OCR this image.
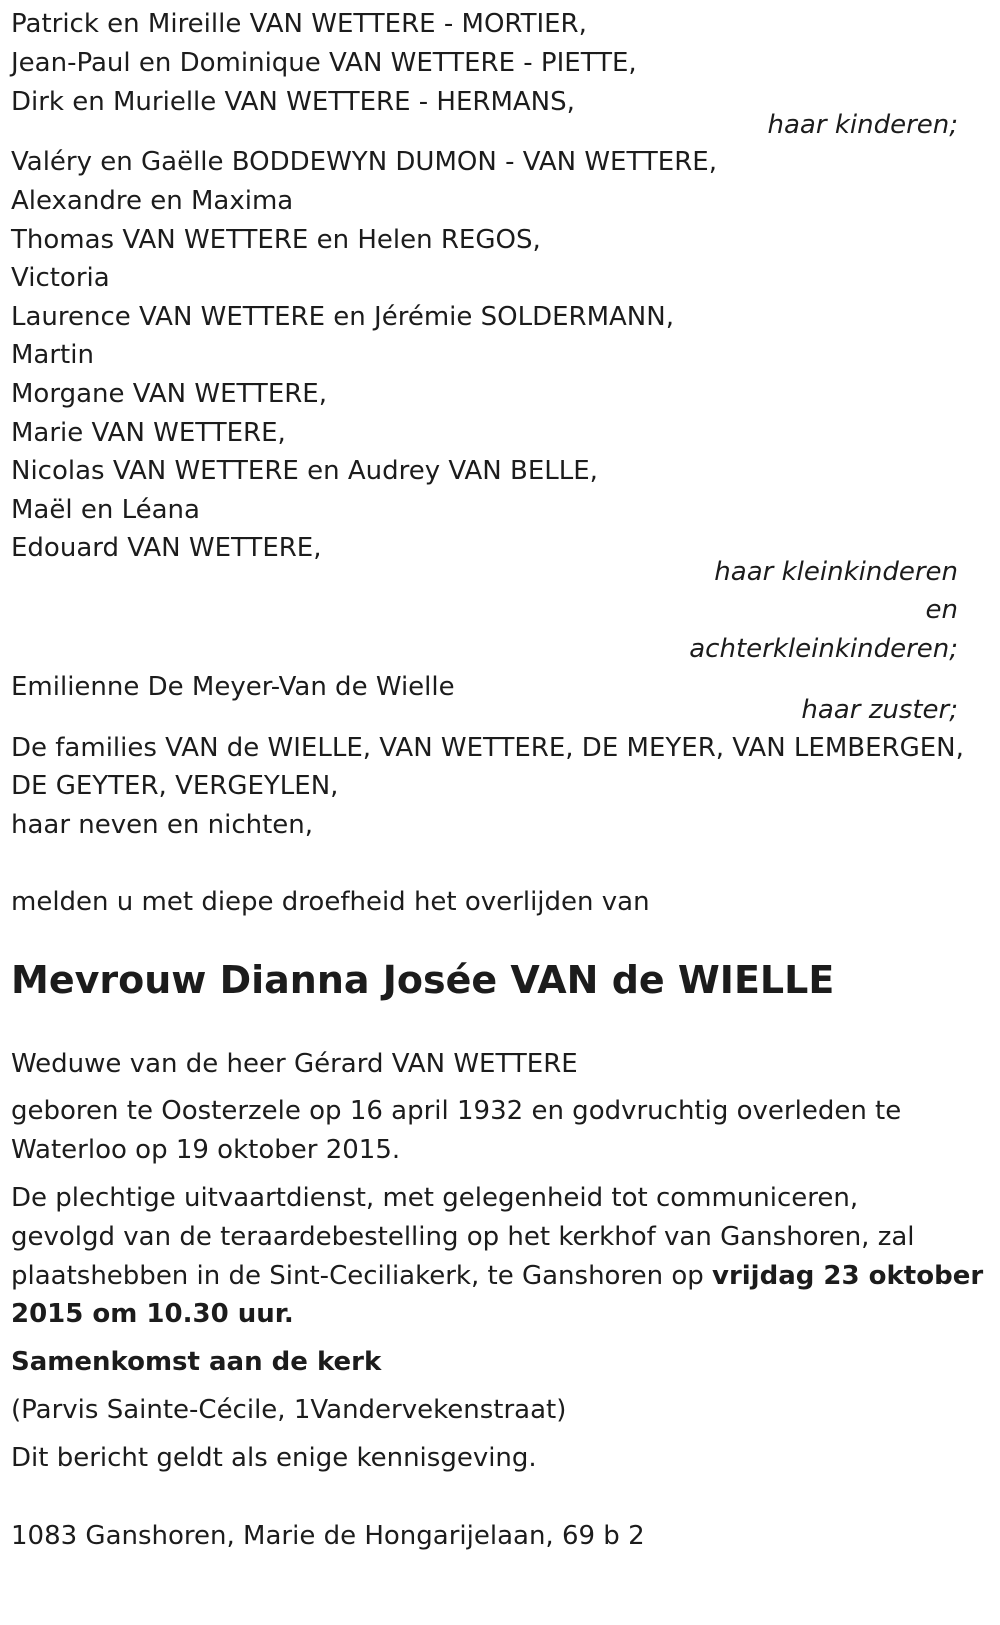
Patrick en Mireille VAN WETTERE - MORTIER,
Jean-Paul en Dominique VAN WETTERE - PIETTE,
Dirk en Murielle VAN WETTERE - HERMANS,
haar kinderen;
Valéry en Gaëlle BODDEWYN DUMON - VAN WETTERE,
Alexandre en Maxima
Thomas VAN WETTERE en Helen REGOS,
Victoria
Laurence VAN WETTERE en Jérémie SOLDERMANN,
Martin
Morgane VAN WETTERE,
Marie VAN WETTERE,
Nicolas VAN WETTERE en Audrey VAN BELLE,
Maël en Léana
Edouard VAN WETTERE,
haar kleinkinderen
en
achterkleinkinderen;
Emilienne De Meyer-Van de Wielle
haar zuster;
De families VAN de WIELLE, VAN WETTERE, DE MEYER, VAN LEMBERGEN,
DE GEYTER, VERGEYLEN,
haar neven en nichten,
melden u met diepe droefheid het overlijden van
Mevrouw Dianna Josée VAN de WIELLE
Weduwe van de heer Gérard VAN WETTERE
geboren te Oosterzele op 16 april 1932 en godvruchtig overleden te
Waterloo op 19 oktober 2015.
De plechtige uitvaartdienst, met gelegenheid tot communiceren,
gevolgd van de teraardebestelling op het kerkhof van Ganshoren, zal
plaatshebben in de Sint-Ceciliakerk, te Ganshoren op vrijdag 23 oktober
2015 om 10.30 uur.
Samenkomst aan de kerk
(Parvis Sainte-Cécile, 1Vandervekenstraat)
Dit bericht geldt als enige kennisgeving.
1083 Ganshoren, Marie de Hongarijelaan, 69 b 2
